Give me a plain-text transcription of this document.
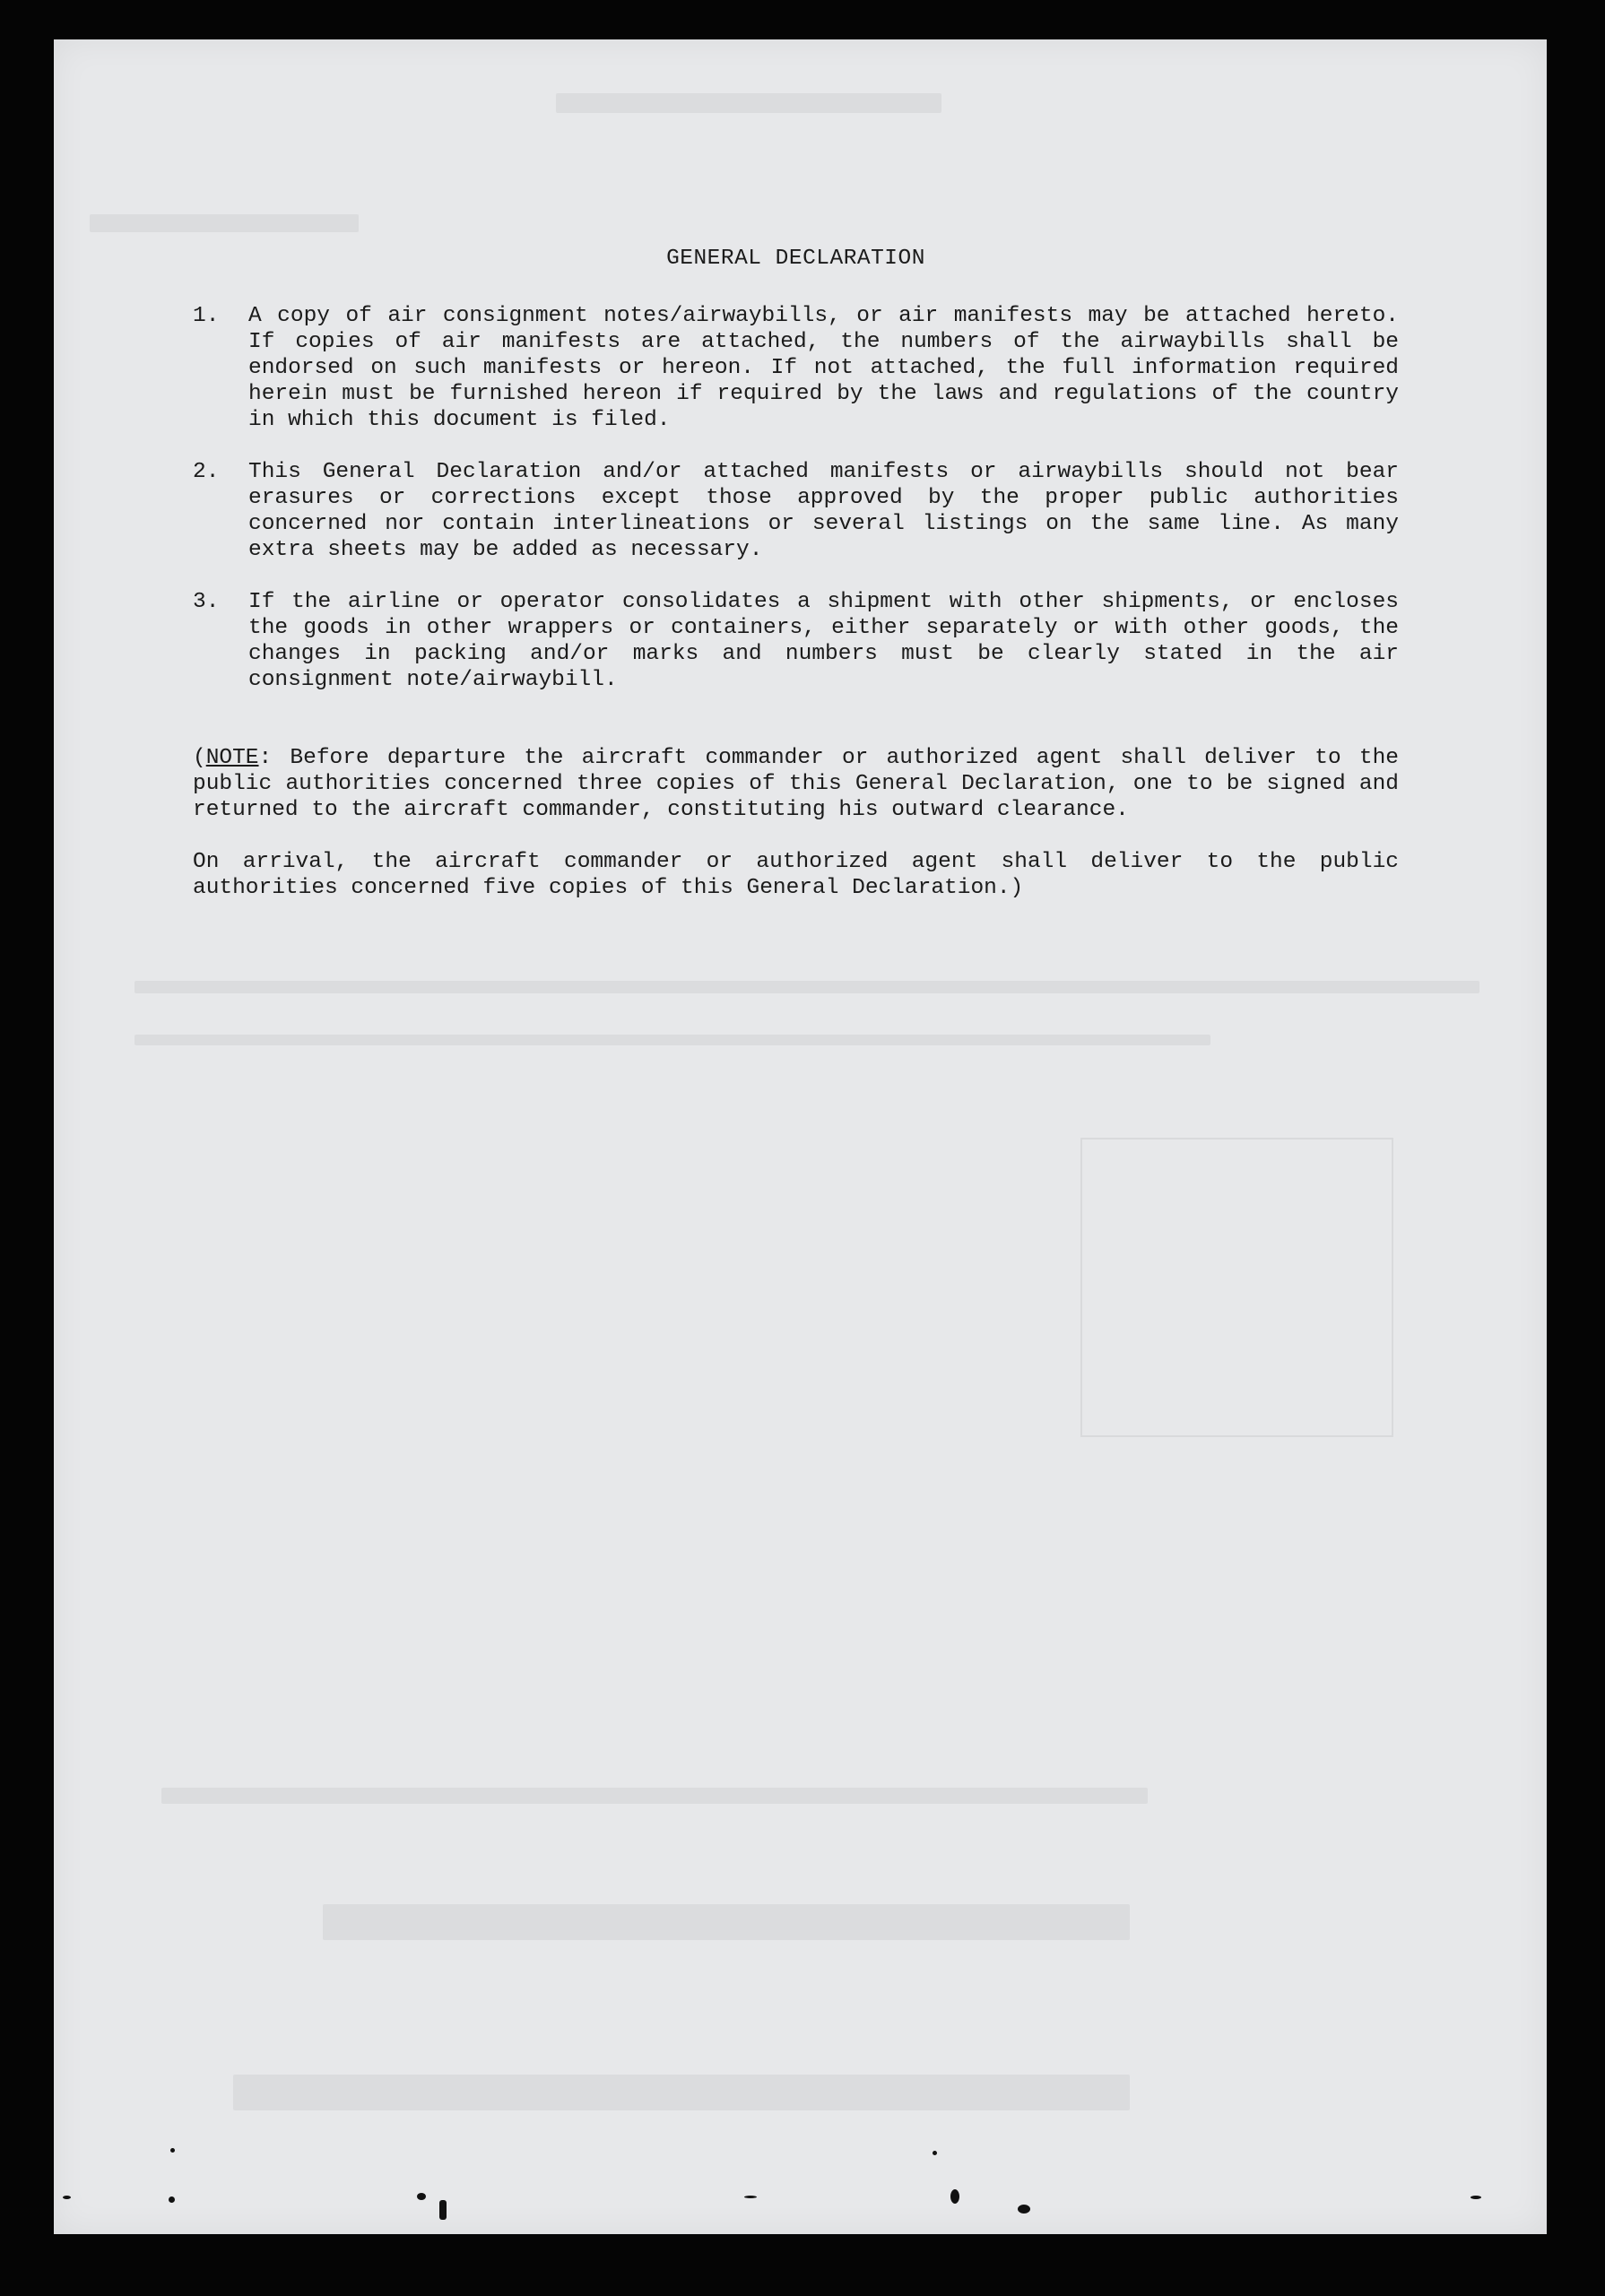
GENERAL DECLARATION
1.	A copy of air consignment notes/airwaybills, or air manifests may be attached hereto. If copies of air manifests are attached, the numbers of the airwaybills shall be endorsed on such manifests or hereon. If not attached, the full information required herein must be furnished hereon if required by the laws and regulations of the country in which this document is filed.
2.	This General Declaration and/or attached manifests or airwaybills should not bear erasures or corrections except those approved by the proper public authorities concerned nor contain interlineations or several listings on the same line. As many extra sheets may be added as necessary.
3.	If the airline or operator consolidates a shipment with other shipments, or encloses the goods in other wrappers or containers, either separately or with other goods, the changes in packing and/or marks and numbers must be clearly stated in the air consignment note/airwaybill.

(NOTE: Before departure the aircraft commander or authorized agent shall deliver to the public authorities concerned three copies of this General Declaration, one to be signed and returned to the aircraft commander, constituting his outward clearance.

On arrival, the aircraft commander or authorized agent shall deliver to the public authorities concerned five copies of this General Declaration.)
